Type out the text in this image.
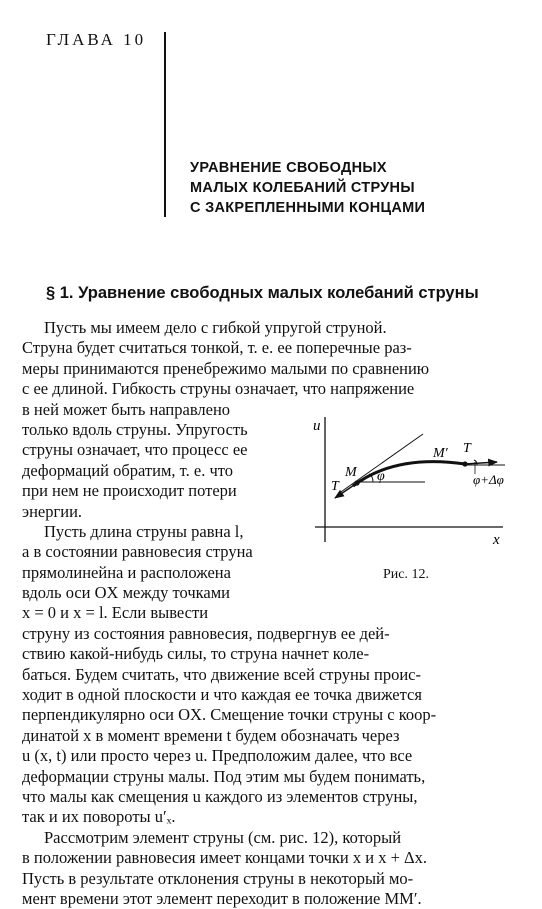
ГЛАВА 10
УРАВНЕНИЕ СВОБОДНЫХ
МАЛЫХ КОЛЕБАНИЙ СТРУНЫ
С ЗАКРЕПЛЕННЫМИ КОНЦАМИ
§ 1. Уравнение свободных малых колебаний струны
Пусть мы имеем дело с гибкой упругой струной.
Струна будет считаться тонкой, т. е. ее поперечные раз-
меры принимаются пренебрежимо малыми по сравнению
с ее длиной. Гибкость струны означает, что напряжение
в ней может быть направлено
только вдоль струны. Упругость
струны означает, что процесс ее
деформаций обратим, т. е. что
при нем не происходит потери
энергии.
Пусть длина струны равна l,
а в состоянии равновесия струна
прямолинейна и расположена
вдоль оси OX между точками
x = 0 и x = l. Если вывести
струну из состояния равновесия, подвергнув ее дей-
ствию какой-нибудь силы, то струна начнет коле-
баться. Будем считать, что движение всей струны проис-
ходит в одной плоскости и что каждая ее точка движется
перпендикулярно оси OX. Смещение точки струны с коор-
динатой x в момент времени t будем обозначать через
u (x, t) или просто через u. Предположим далее, что все
деформации струны малы. Под этим мы будем понимать,
что малы как смещения u каждого из элементов струны,
так и их повороты u′ₓ.
Рассмотрим элемент струны (см. рис. 12), который
в положении равновесия имеет концами точки x и x + Δx.
Пусть в результате отклонения струны в некоторый мо-
мент времени этот элемент переходит в положение MM′.
u
x
M
M′
T
T
φ	φ+Δφ
Рис. 12.
